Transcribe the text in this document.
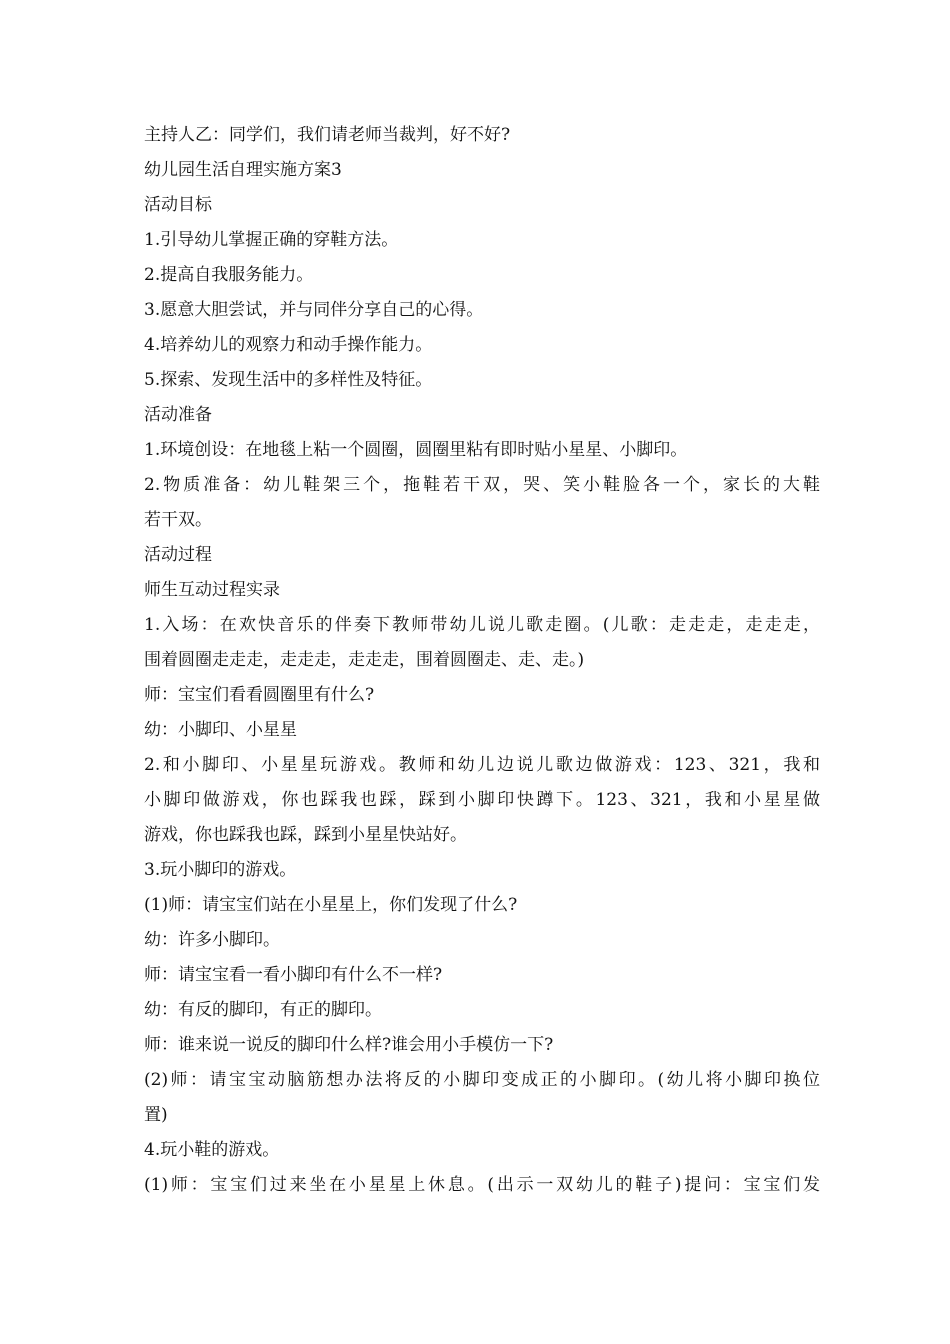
主持人乙：同学们，我们请老师当裁判，好不好?
幼儿园生活自理实施方案3
活动目标
1.引导幼儿掌握正确的穿鞋方法。
2.提高自我服务能力。
3.愿意大胆尝试，并与同伴分享自己的心得。
4.培养幼儿的观察力和动手操作能力。
5.探索、发现生活中的多样性及特征。
活动准备
1.环境创设：在地毯上粘一个圆圈，圆圈里粘有即时贴小星星、小脚印。
2.物质准备：幼儿鞋架三个，拖鞋若干双，哭、笑小鞋脸各一个，家长的大鞋
若干双。
活动过程
师生互动过程实录
1.入场：在欢快音乐的伴奏下教师带幼儿说儿歌走圈。(儿歌：走走走，走走走，
围着圆圈走走走，走走走，走走走，围着圆圈走、走、走。)
师：宝宝们看看圆圈里有什么?
幼：小脚印、小星星
2.和小脚印、小星星玩游戏。教师和幼儿边说儿歌边做游戏：123、321，我和
小脚印做游戏，你也踩我也踩，踩到小脚印快蹲下。123、321，我和小星星做
游戏，你也踩我也踩，踩到小星星快站好。
3.玩小脚印的游戏。
(1)师：请宝宝们站在小星星上，你们发现了什么?
幼：许多小脚印。
师：请宝宝看一看小脚印有什么不一样?
幼：有反的脚印，有正的脚印。
师：谁来说一说反的脚印什么样?谁会用小手模仿一下?
(2)师：请宝宝动脑筋想办法将反的小脚印变成正的小脚印。(幼儿将小脚印换位
置)
4.玩小鞋的游戏。
(1)师：宝宝们过来坐在小星星上休息。(出示一双幼儿的鞋子)提问：宝宝们发
